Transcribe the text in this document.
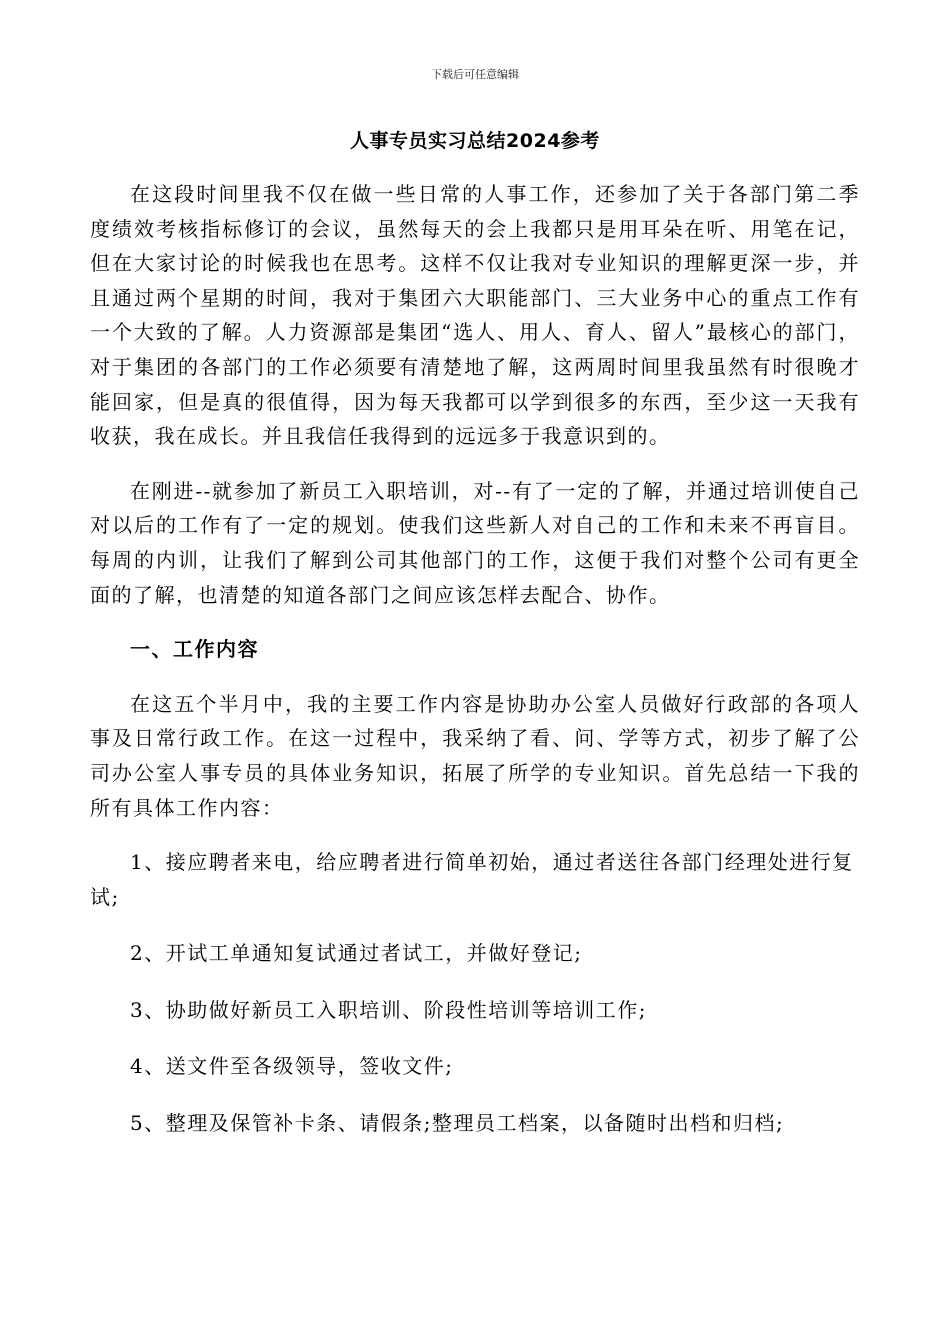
下载后可任意编辑
人事专员实习总结2024参考

在这段时间里我不仅在做一些日常的人事工作，还参加了关于各部门第二季度绩效考核指标修订的会议，虽然每天的会上我都只是用耳朵在听、用笔在记，但在大家讨论的时候我也在思考。这样不仅让我对专业知识的理解更深一步，并且通过两个星期的时间，我对于集团六大职能部门、三大业务中心的重点工作有一个大致的了解。人力资源部是集团“选人、用人、育人、留人”最核心的部门，对于集团的各部门的工作必须要有清楚地了解，这两周时间里我虽然有时很晚才能回家，但是真的很值得，因为每天我都可以学到很多的东西，至少这一天我有收获，我在成长。并且我信任我得到的远远多于我意识到的。

在刚进--就参加了新员工入职培训，对--有了一定的了解，并通过培训使自己对以后的工作有了一定的规划。使我们这些新人对自己的工作和未来不再盲目。每周的内训，让我们了解到公司其他部门的工作，这便于我们对整个公司有更全面的了解，也清楚的知道各部门之间应该怎样去配合、协作。

一、工作内容

在这五个半月中，我的主要工作内容是协助办公室人员做好行政部的各项人事及日常行政工作。在这一过程中，我采纳了看、问、学等方式，初步了解了公司办公室人事专员的具体业务知识，拓展了所学的专业知识。首先总结一下我的所有具体工作内容：

1、接应聘者来电，给应聘者进行简单初始，通过者送往各部门经理处进行复试;

2、开试工单通知复试通过者试工，并做好登记;

3、协助做好新员工入职培训、阶段性培训等培训工作;

4、送文件至各级领导，签收文件;

5、整理及保管补卡条、请假条;整理员工档案，以备随时出档和归档;
